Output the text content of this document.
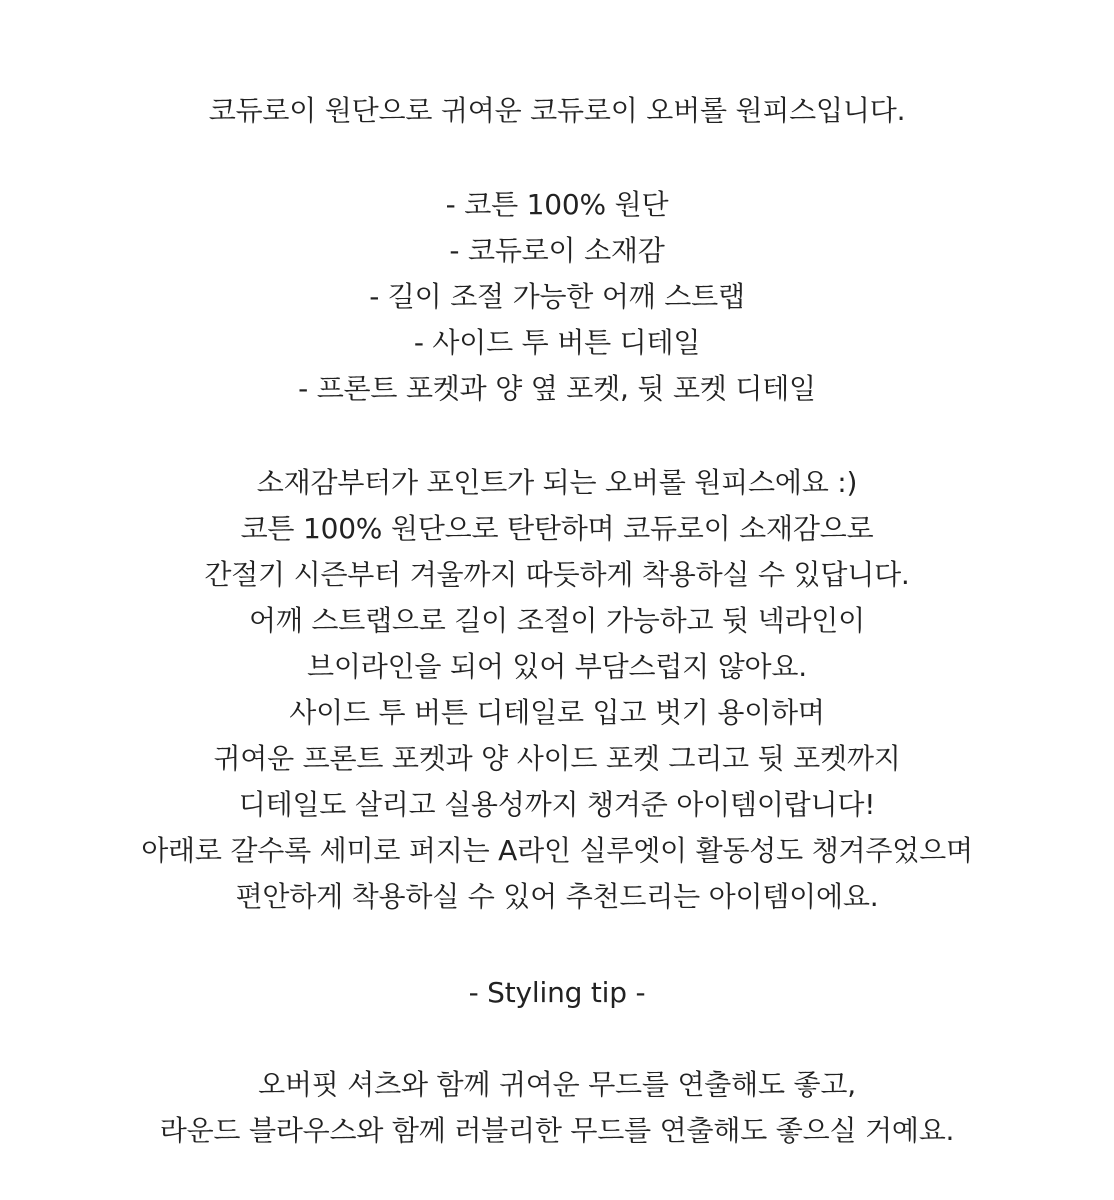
코듀로이 원단으로 귀여운 코듀로이 오버롤 원피스입니다.
- 코튼 100% 원단
- 코듀로이 소재감
- 길이 조절 가능한 어깨 스트랩
- 사이드 투 버튼 디테일
- 프론트 포켓과 양 옆 포켓, 뒷 포켓 디테일
소재감부터가 포인트가 되는 오버롤 원피스에요 :)
코튼 100% 원단으로 탄탄하며 코듀로이 소재감으로
간절기 시즌부터 겨울까지 따듯하게 착용하실 수 있답니다.
어깨 스트랩으로 길이 조절이 가능하고 뒷 넥라인이
브이라인을 되어 있어 부담스럽지 않아요.
사이드 투 버튼 디테일로 입고 벗기 용이하며
귀여운 프론트 포켓과 양 사이드 포켓 그리고 뒷 포켓까지
디테일도 살리고 실용성까지 챙겨준 아이템이랍니다!
아래로 갈수록 세미로 퍼지는 A라인 실루엣이 활동성도 챙겨주었으며
편안하게 착용하실 수 있어 추천드리는 아이템이에요.
- Styling tip -
오버핏 셔츠와 함께 귀여운 무드를 연출해도 좋고,
라운드 블라우스와 함께 러블리한 무드를 연출해도 좋으실 거예요.
